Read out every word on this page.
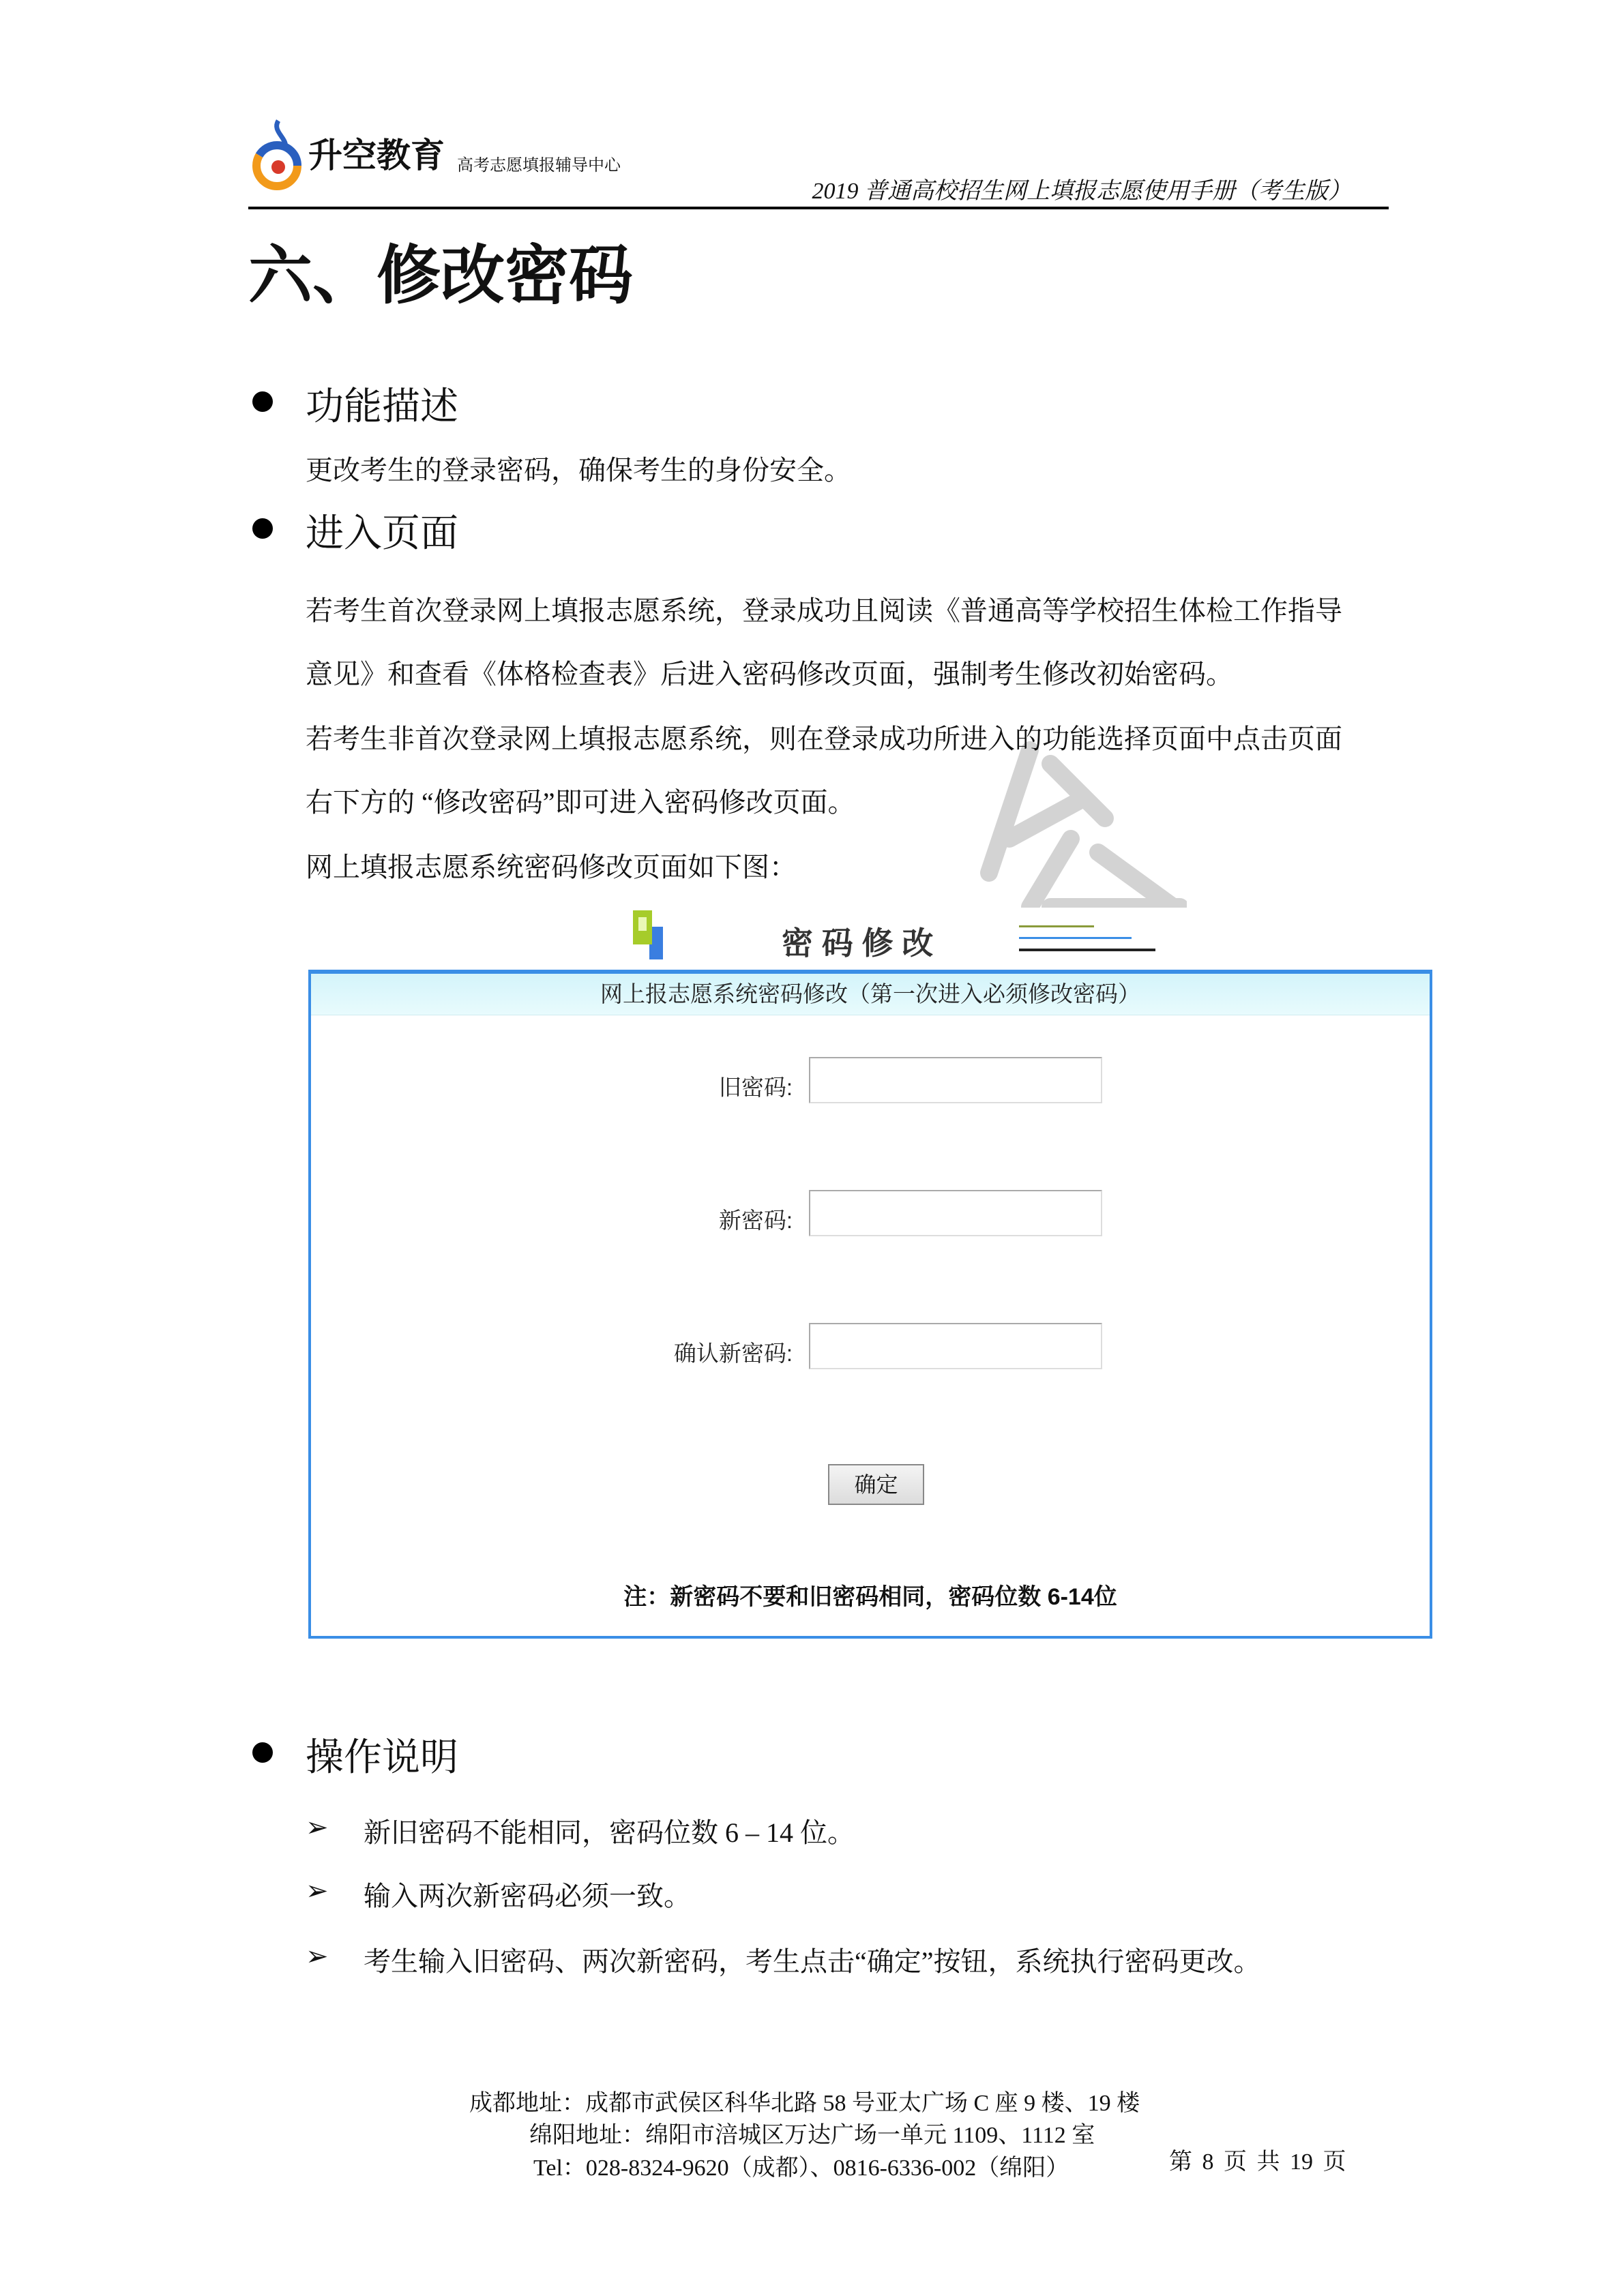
升空教育 高考志愿填报辅导中心
2019 普通高校招生网上填报志愿使用手册（考生版）
六、修改密码
功能描述
更改考生的登录密码，确保考生的身份安全。
进入页面
若考生首次登录网上填报志愿系统，登录成功且阅读《普通高等学校招生体检工作指导
意见》和查看《体格检查表》后进入密码修改页面，强制考生修改初始密码。
若考生非首次登录网上填报志愿系统，则在登录成功所进入的功能选择页面中点击页面
右下方的 “修改密码”即可进入密码修改页面。
网上填报志愿系统密码修改页面如下图：
密 码 修 改
网上报志愿系统密码修改（第一次进入必须修改密码）
旧密码:
新密码:
确认新密码:
确定
注：新密码不要和旧密码相同，密码位数 6-14位
操作说明
➢ 新旧密码不能相同，密码位数 6 – 14 位。
➢ 输入两次新密码必须一致。
➢ 考生输入旧密码、两次新密码，考生点击“确定”按钮，系统执行密码更改。
成都地址：成都市武侯区科华北路 58 号亚太广场 C 座 9 楼、19 楼
绵阳地址：绵阳市涪城区万达广场一单元 1109、1112 室
Tel：028-8324-9620（成都）、0816-6336-002（绵阳）	第 8 页 共 19 页
